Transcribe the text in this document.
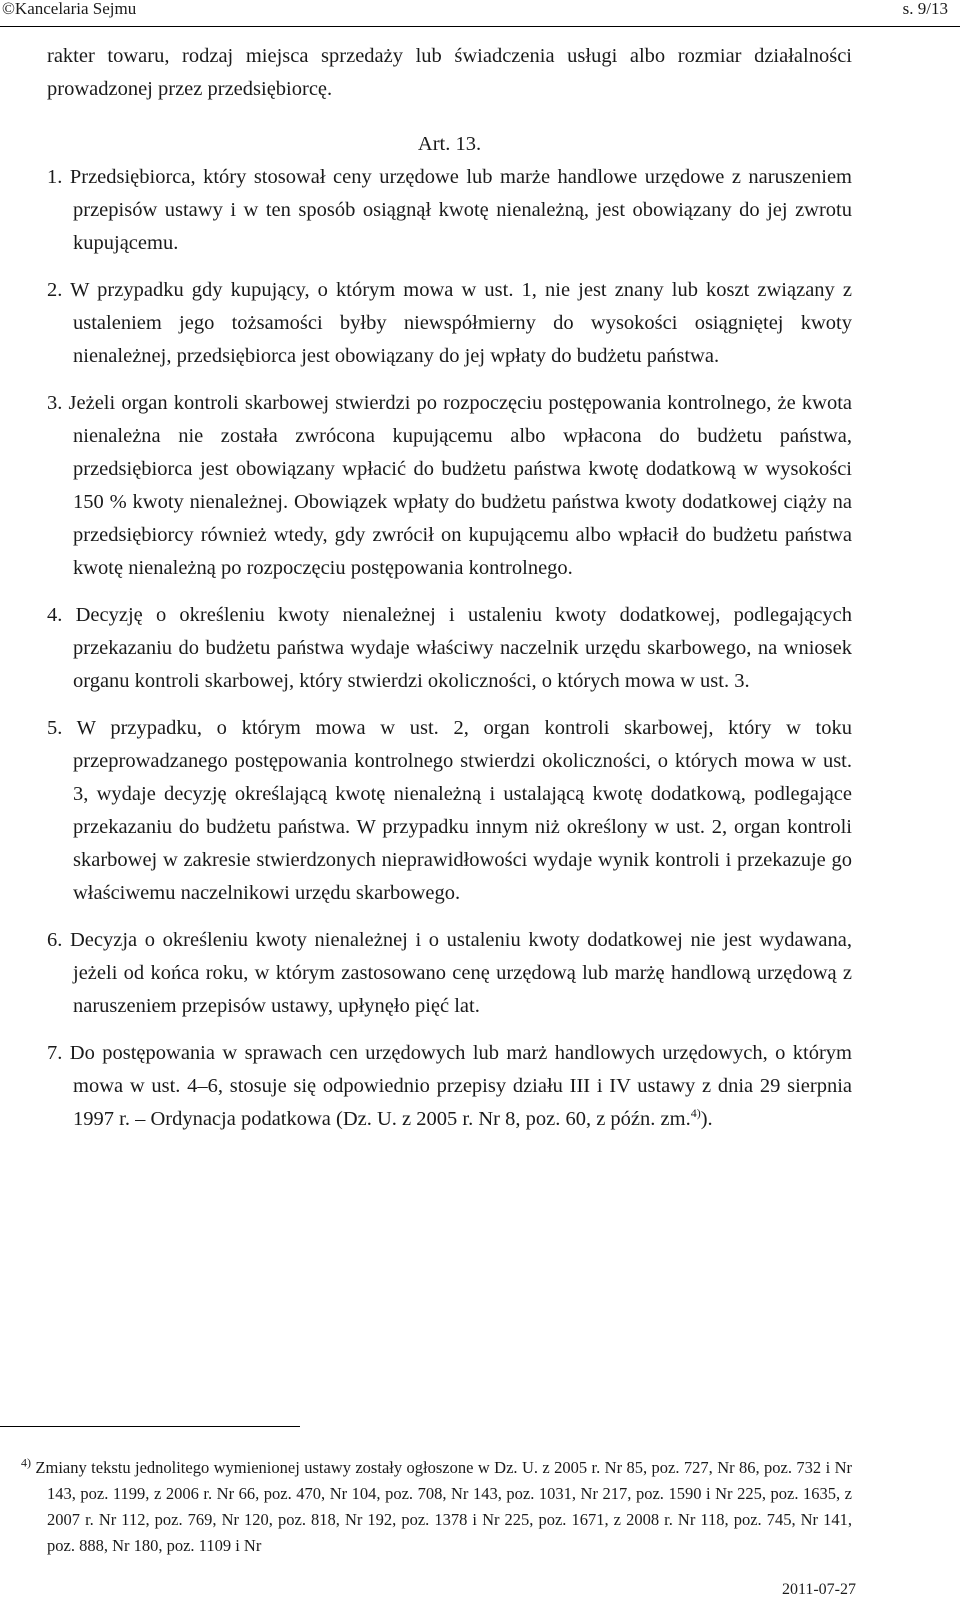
©Kancelaria Sejmu	s. 9/13

rakter towaru, rodzaj miejsca sprzedaży lub świadczenia usługi albo rozmiar działalności prowadzonej przez przedsiębiorcę.

Art. 13.

1. Przedsiębiorca, który stosował ceny urzędowe lub marże handlowe urzędowe z naruszeniem przepisów ustawy i w ten sposób osiągnął kwotę nienależną, jest obowiązany do jej zwrotu kupującemu.

2. W przypadku gdy kupujący, o którym mowa w ust. 1, nie jest znany lub koszt związany z ustaleniem jego tożsamości byłby niewspółmierny do wysokości osiągniętej kwoty nienależnej, przedsiębiorca jest obowiązany do jej wpłaty do budżetu państwa.

3. Jeżeli organ kontroli skarbowej stwierdzi po rozpoczęciu postępowania kontrolnego, że kwota nienależna nie została zwrócona kupującemu albo wpłacona do budżetu państwa, przedsiębiorca jest obowiązany wpłacić do budżetu państwa kwotę dodatkową w wysokości 150 % kwoty nienależnej. Obowiązek wpłaty do budżetu państwa kwoty dodatkowej ciąży na przedsiębiorcy również wtedy, gdy zwrócił on kupującemu albo wpłacił do budżetu państwa kwotę nienależną po rozpoczęciu postępowania kontrolnego.

4. Decyzję o określeniu kwoty nienależnej i ustaleniu kwoty dodatkowej, podlegających przekazaniu do budżetu państwa wydaje właściwy naczelnik urzędu skarbowego, na wniosek organu kontroli skarbowej, który stwierdzi okoliczności, o których mowa w ust. 3.

5. W przypadku, o którym mowa w ust. 2, organ kontroli skarbowej, który w toku przeprowadzanego postępowania kontrolnego stwierdzi okoliczności, o których mowa w ust. 3, wydaje decyzję określającą kwotę nienależną i ustalającą kwotę dodatkową, podlegające przekazaniu do budżetu państwa. W przypadku innym niż określony w ust. 2, organ kontroli skarbowej w zakresie stwierdzonych nieprawidłowości wydaje wynik kontroli i przekazuje go właściwemu naczelnikowi urzędu skarbowego.

6. Decyzja o określeniu kwoty nienależnej i o ustaleniu kwoty dodatkowej nie jest wydawana, jeżeli od końca roku, w którym zastosowano cenę urzędową lub marżę handlową urzędową z naruszeniem przepisów ustawy, upłynęło pięć lat.

7. Do postępowania w sprawach cen urzędowych lub marż handlowych urzędowych, o którym mowa w ust. 4–6, stosuje się odpowiednio przepisy działu III i IV ustawy z dnia 29 sierpnia 1997 r. – Ordynacja podatkowa (Dz. U. z 2005 r. Nr 8, poz. 60, z późn. zm.$^{4)}$).

$^{4)}$ Zmiany tekstu jednolitego wymienionej ustawy zostały ogłoszone w Dz. U. z 2005 r. Nr 85, poz. 727, Nr 86, poz. 732 i Nr 143, poz. 1199, z 2006 r. Nr 66, poz. 470, Nr 104, poz. 708, Nr 143, poz. 1031, Nr 217, poz. 1590 i Nr 225, poz. 1635, z 2007 r. Nr 112, poz. 769, Nr 120, poz. 818, Nr 192, poz. 1378 i Nr 225, poz. 1671, z 2008 r. Nr 118, poz. 745, Nr 141, poz. 888, Nr 180, poz. 1109 i Nr

2011-07-27
